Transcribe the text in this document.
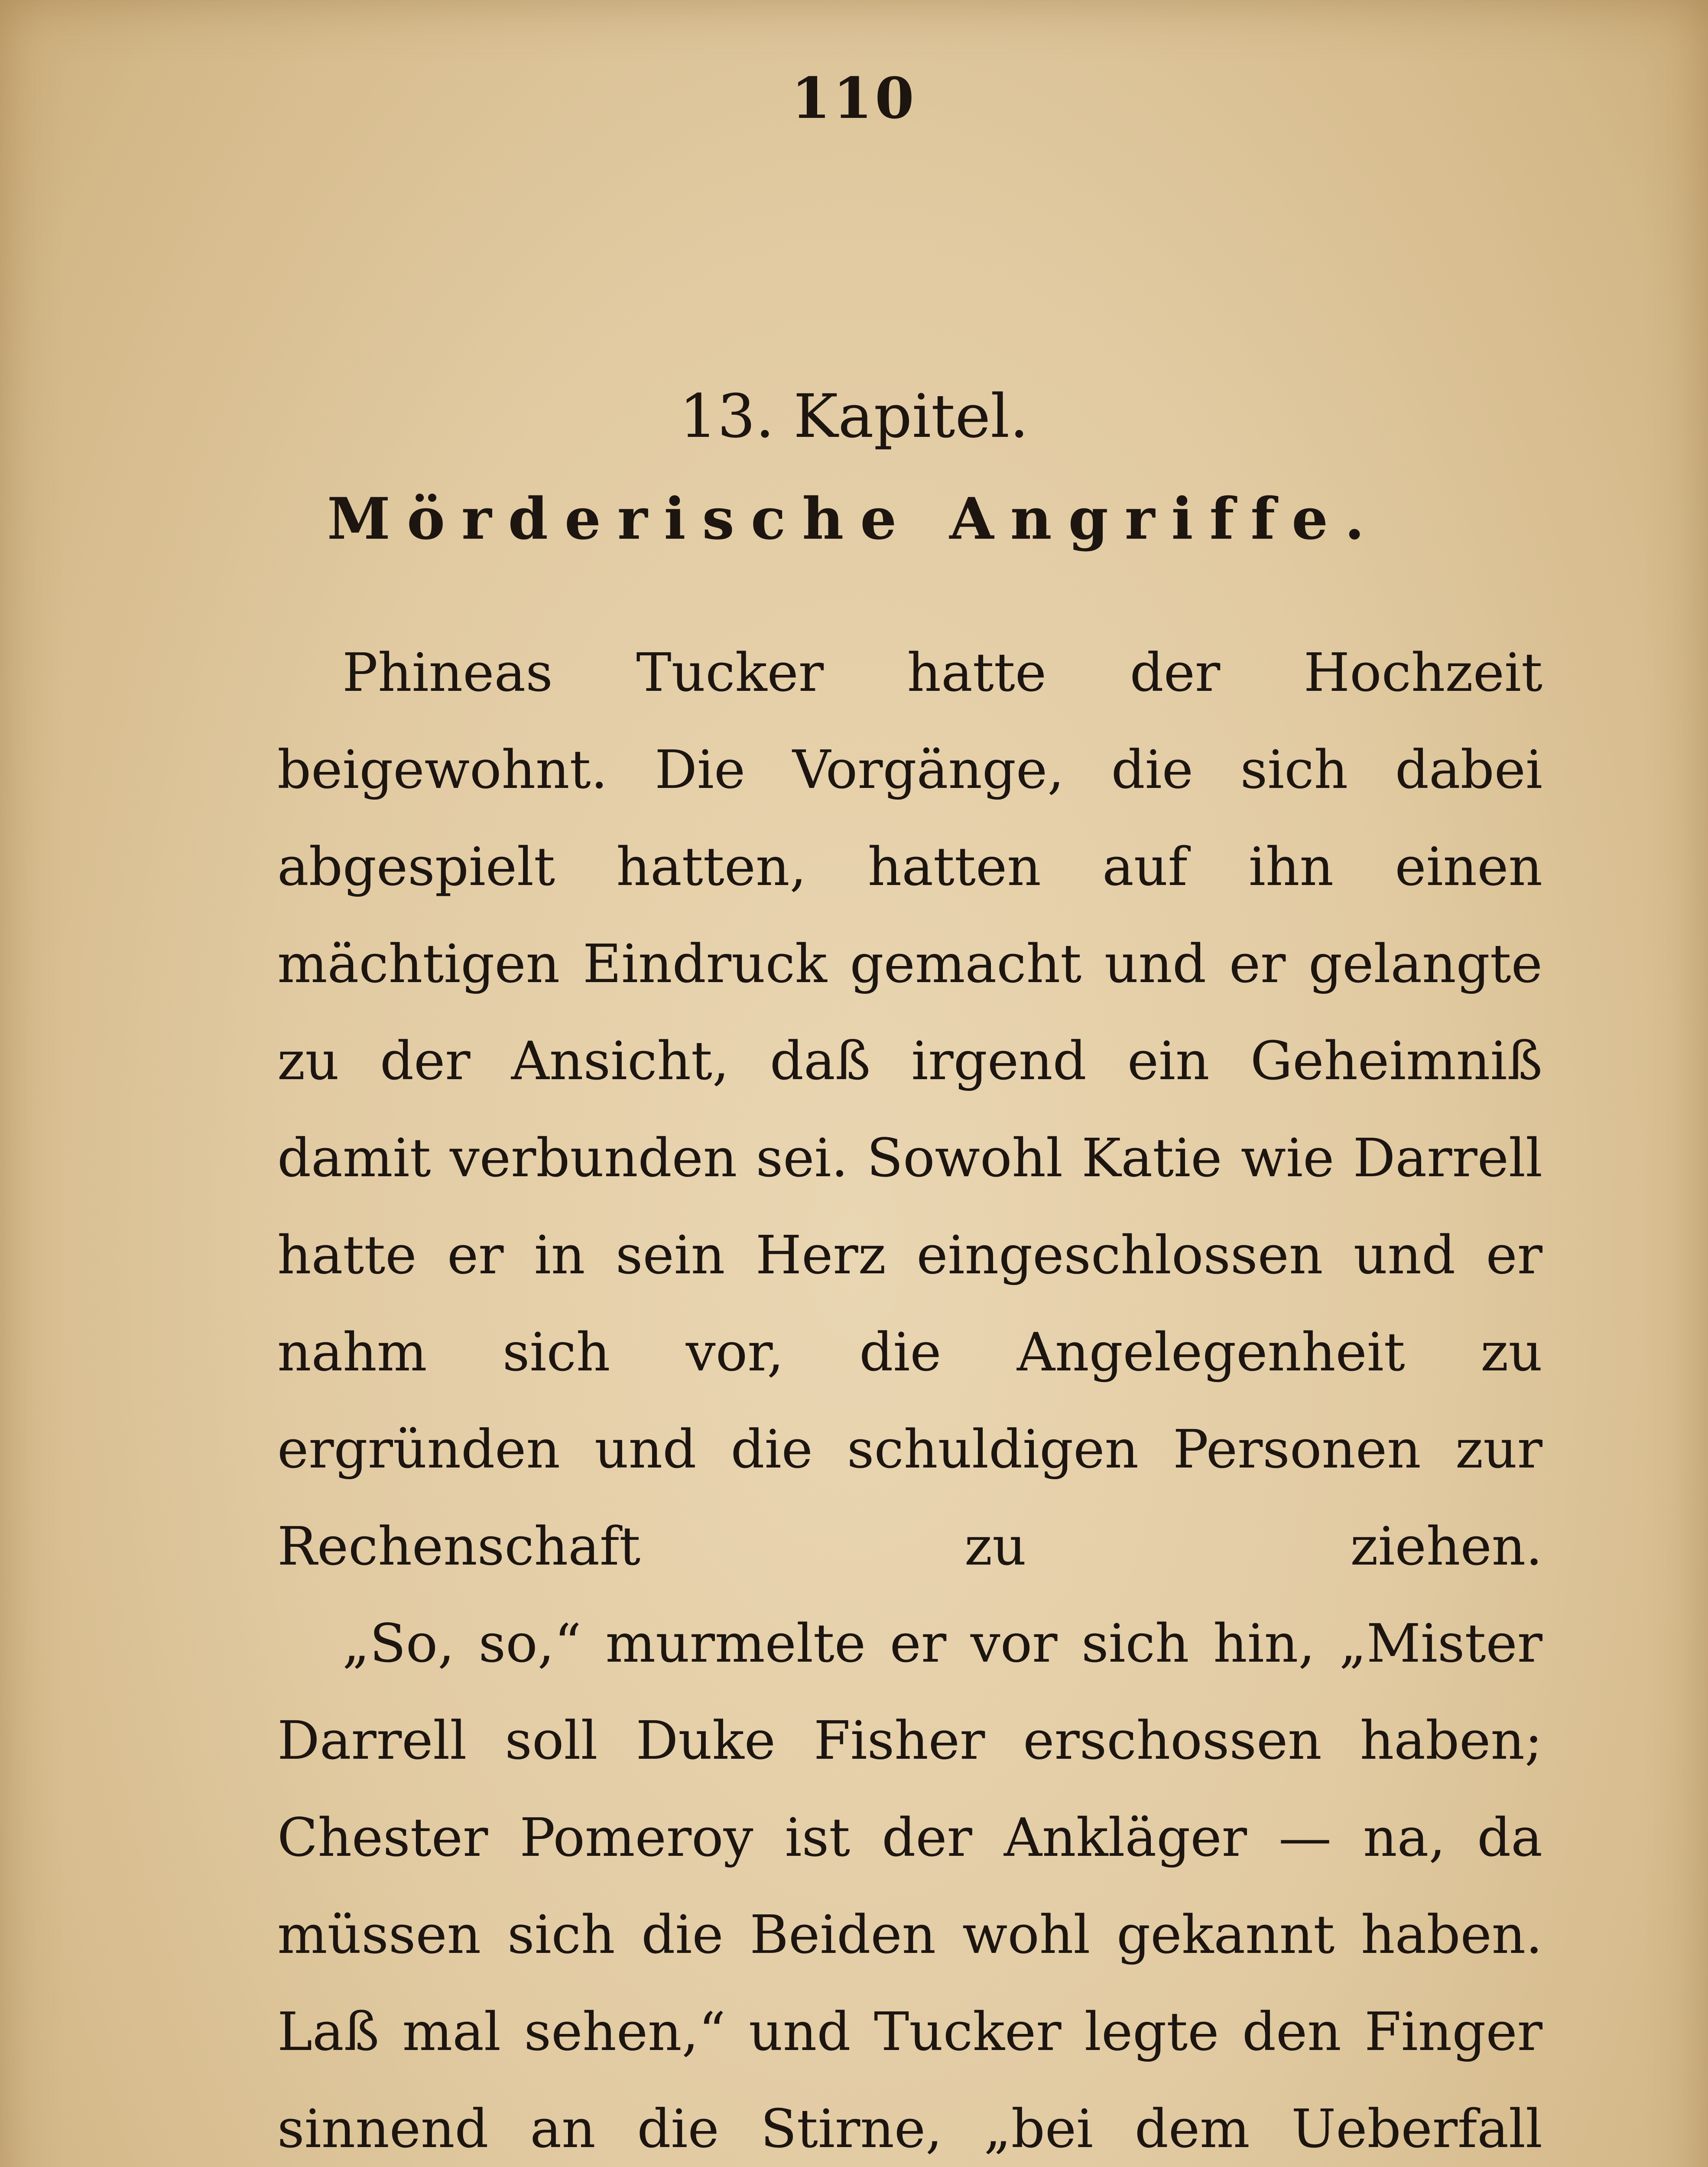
110
13. Kapitel.
Mörderische Angriffe.

Phineas Tucker hatte der Hochzeit beigewohnt. Die Vorgänge, die sich dabei abgespielt hatten, hatten auf ihn einen mächtigen Eindruck gemacht und er gelangte zu der Ansicht, daß irgend ein Geheimniß damit verbunden sei. Sowohl Katie wie Darrell hatte er in sein Herz eingeschlossen und er nahm sich vor, die Angelegenheit zu ergründen und die schuldigen Personen zur Rechenschaft zu ziehen.

„So, so,“ murmelte er vor sich hin, „Mister Darrell soll Duke Fisher erschossen haben; Chester Pomeroy ist der Ankläger — na, da müssen sich die Beiden wohl gekannt haben. Laß mal sehen,“ und Tucker legte den Finger sinnend an die Stirne, „bei dem Ueberfall
